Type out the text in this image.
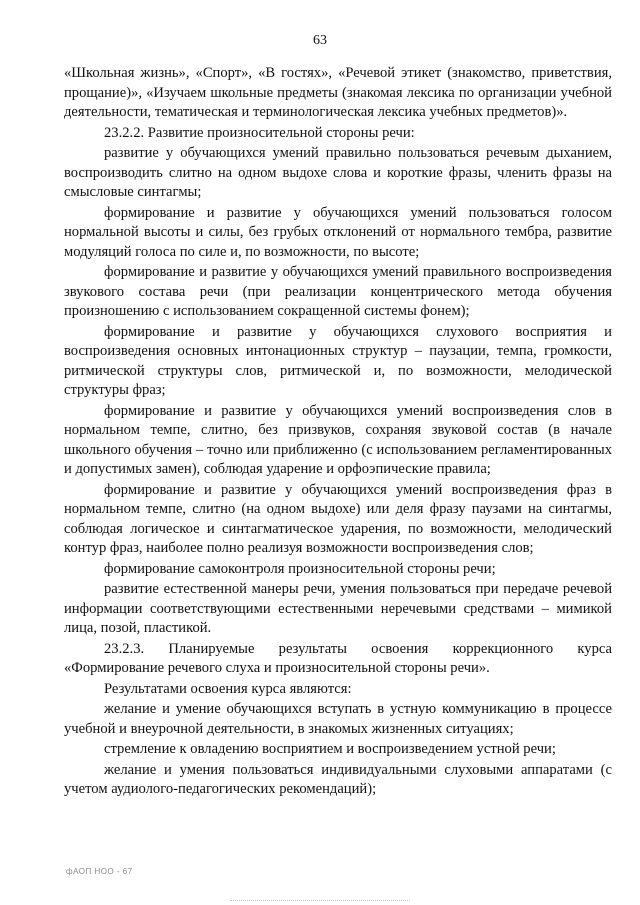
63

«Школьная жизнь», «Спорт», «В гостях», «Речевой этикет (знакомство, приветствия, прощание)», «Изучаем школьные предметы (знакомая лексика по организации учебной деятельности, тематическая и терминологическая лексика учебных предметов)».

23.2.2. Развитие произносительной стороны речи:

развитие у обучающихся умений правильно пользоваться речевым дыханием, воспроизводить слитно на одном выдохе слова и короткие фразы, членить фразы на смысловые синтагмы;

формирование и развитие у обучающихся умений пользоваться голосом нормальной высоты и силы, без грубых отклонений от нормального тембра, развитие модуляций голоса по силе и, по возможности, по высоте;

формирование и развитие у обучающихся умений правильного воспроизведения звукового состава речи (при реализации концентрического метода обучения произношению с использованием сокращенной системы фонем);

формирование и развитие у обучающихся слухового восприятия и воспроизведения основных интонационных структур – паузации, темпа, громкости, ритмической структуры слов, ритмической и, по возможности, мелодической структуры фраз;

формирование и развитие у обучающихся умений воспроизведения слов в нормальном темпе, слитно, без призвуков, сохраняя звуковой состав (в начале школьного обучения – точно или приближенно (с использованием регламентированных и допустимых замен), соблюдая ударение и орфоэпические правила;

формирование и развитие у обучающихся умений воспроизведения фраз в нормальном темпе, слитно (на одном выдохе) или деля фразу паузами на синтагмы, соблюдая логическое и синтагматическое ударения, по возможности, мелодический контур фраз, наиболее полно реализуя возможности воспроизведения слов;

формирование самоконтроля произносительной стороны речи;

развитие естественной манеры речи, умения пользоваться при передаче речевой информации соответствующими естественными неречевыми средствами – мимикой лица, позой, пластикой.

23.2.3. Планируемые результаты освоения коррекционного курса «Формирование речевого слуха и произносительной стороны речи».

Результатами освоения курса являются:

желание и умение обучающихся вступать в устную коммуникацию в процессе учебной и внеурочной деятельности, в знакомых жизненных ситуациях;

стремление к овладению восприятием и воспроизведением устной речи;

желание и умения пользоваться индивидуальными слуховыми аппаратами (с учетом аудиолого-педагогических рекомендаций);

фАОП НОО - 67
